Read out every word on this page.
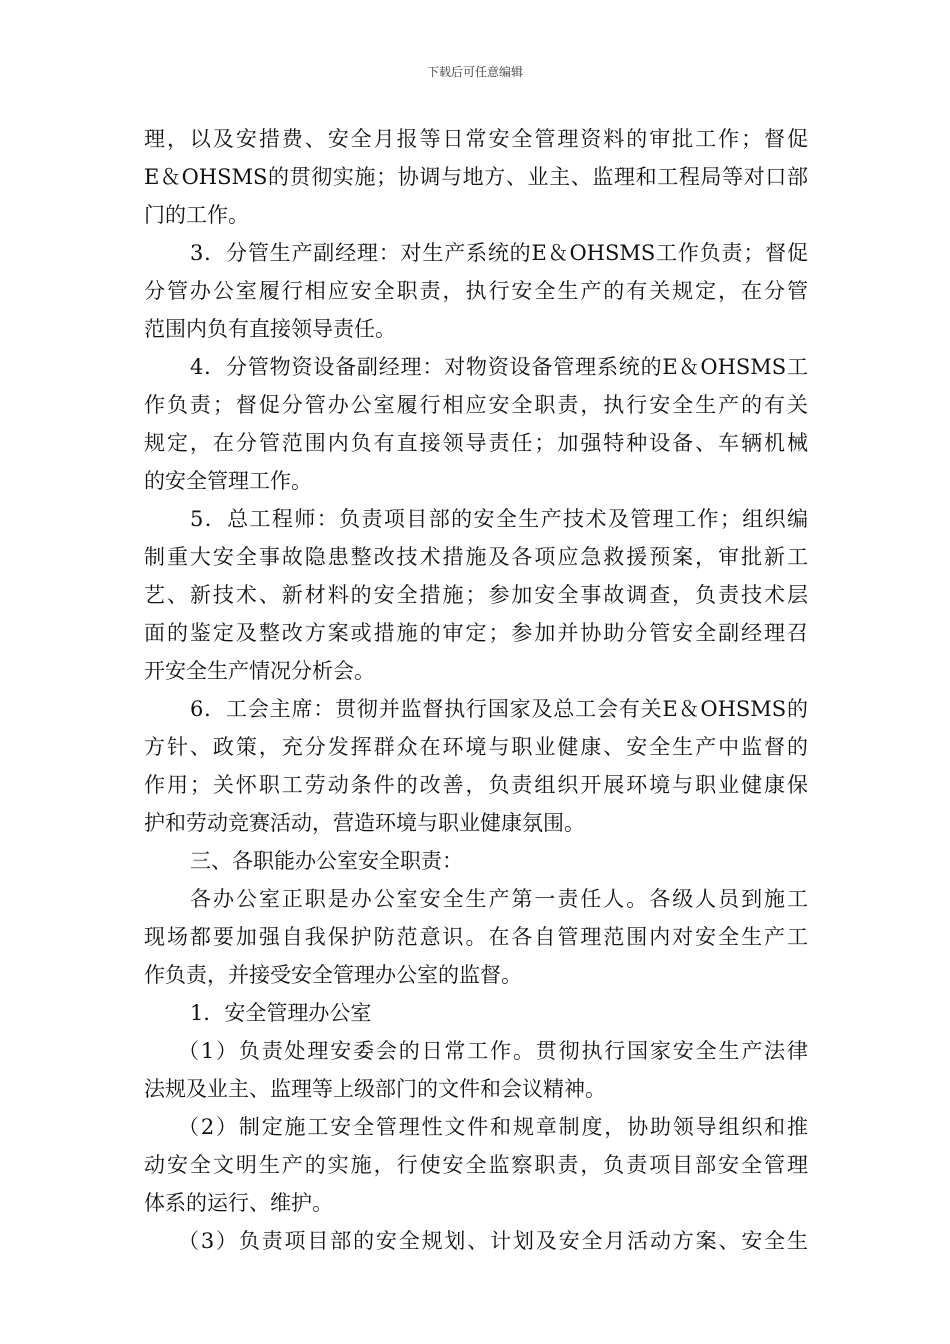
下载后可任意编辑
理，以及安措费、安全月报等日常安全管理资料的审批工作；督促
E＆OHSMS的贯彻实施；协调与地方、业主、监理和工程局等对口部
门的工作。
3．分管生产副经理：对生产系统的E＆OHSMS工作负责；督促
分管办公室履行相应安全职责，执行安全生产的有关规定，在分管
范围内负有直接领导责任。
4．分管物资设备副经理：对物资设备管理系统的E＆OHSMS工
作负责；督促分管办公室履行相应安全职责，执行安全生产的有关
规定，在分管范围内负有直接领导责任；加强特种设备、车辆机械
的安全管理工作。
5．总工程师：负责项目部的安全生产技术及管理工作；组织编
制重大安全事故隐患整改技术措施及各项应急救援预案，审批新工
艺、新技术、新材料的安全措施；参加安全事故调查，负责技术层
面的鉴定及整改方案或措施的审定；参加并协助分管安全副经理召
开安全生产情况分析会。
6．工会主席：贯彻并监督执行国家及总工会有关E＆OHSMS的
方针、政策，充分发挥群众在环境与职业健康、安全生产中监督的
作用；关怀职工劳动条件的改善，负责组织开展环境与职业健康保
护和劳动竞赛活动，营造环境与职业健康氛围。
三、各职能办公室安全职责：
各办公室正职是办公室安全生产第一责任人。各级人员到施工
现场都要加强自我保护防范意识。在各自管理范围内对安全生产工
作负责，并接受安全管理办公室的监督。
1．安全管理办公室
（1）负责处理安委会的日常工作。贯彻执行国家安全生产法律
法规及业主、监理等上级部门的文件和会议精神。
（2）制定施工安全管理性文件和规章制度，协助领导组织和推
动安全文明生产的实施，行使安全监察职责，负责项目部安全管理
体系的运行、维护。
（3）负责项目部的安全规划、计划及安全月活动方案、安全生
